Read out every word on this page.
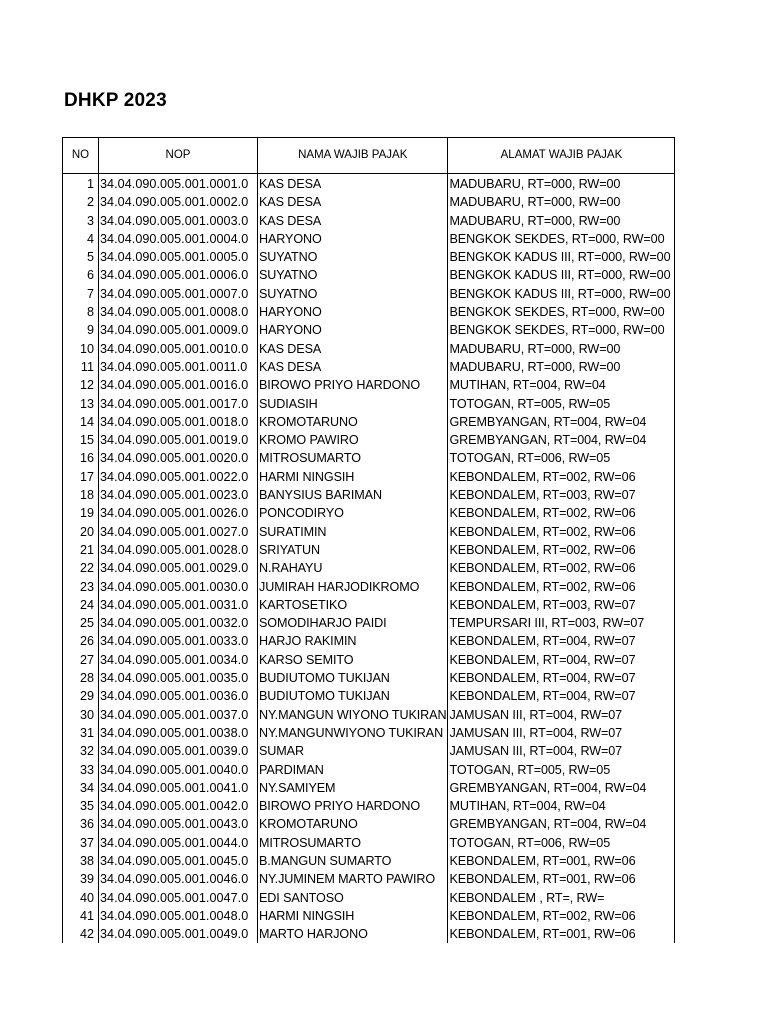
DHKP 2023
NO	NOP	NAMA WAJIB PAJAK	ALAMAT WAJIB PAJAK
1	34.04.090.005.001.0001.0	KAS DESA	MADUBARU, RT=000, RW=00
2	34.04.090.005.001.0002.0	KAS DESA	MADUBARU, RT=000, RW=00
3	34.04.090.005.001.0003.0	KAS DESA	MADUBARU, RT=000, RW=00
4	34.04.090.005.001.0004.0	HARYONO	BENGKOK SEKDES, RT=000, RW=00
5	34.04.090.005.001.0005.0	SUYATNO	BENGKOK KADUS III, RT=000, RW=00
6	34.04.090.005.001.0006.0	SUYATNO	BENGKOK KADUS III, RT=000, RW=00
7	34.04.090.005.001.0007.0	SUYATNO	BENGKOK KADUS III, RT=000, RW=00
8	34.04.090.005.001.0008.0	HARYONO	BENGKOK SEKDES, RT=000, RW=00
9	34.04.090.005.001.0009.0	HARYONO	BENGKOK SEKDES, RT=000, RW=00
10	34.04.090.005.001.0010.0	KAS DESA	MADUBARU, RT=000, RW=00
11	34.04.090.005.001.0011.0	KAS DESA	MADUBARU, RT=000, RW=00
12	34.04.090.005.001.0016.0	BIROWO PRIYO HARDONO	MUTIHAN, RT=004, RW=04
13	34.04.090.005.001.0017.0	SUDIASIH	TOTOGAN, RT=005, RW=05
14	34.04.090.005.001.0018.0	KROMOTARUNO	GREMBYANGAN, RT=004, RW=04
15	34.04.090.005.001.0019.0	KROMO PAWIRO	GREMBYANGAN, RT=004, RW=04
16	34.04.090.005.001.0020.0	MITROSUMARTO	TOTOGAN, RT=006, RW=05
17	34.04.090.005.001.0022.0	HARMI NINGSIH	KEBONDALEM, RT=002, RW=06
18	34.04.090.005.001.0023.0	BANYSIUS BARIMAN	KEBONDALEM, RT=003, RW=07
19	34.04.090.005.001.0026.0	PONCODIRYO	KEBONDALEM, RT=002, RW=06
20	34.04.090.005.001.0027.0	SURATIMIN	KEBONDALEM, RT=002, RW=06
21	34.04.090.005.001.0028.0	SRIYATUN	KEBONDALEM, RT=002, RW=06
22	34.04.090.005.001.0029.0	N.RAHAYU	KEBONDALEM, RT=002, RW=06
23	34.04.090.005.001.0030.0	JUMIRAH HARJODIKROMO	KEBONDALEM, RT=002, RW=06
24	34.04.090.005.001.0031.0	KARTOSETIKO	KEBONDALEM, RT=003, RW=07
25	34.04.090.005.001.0032.0	SOMODIHARJO PAIDI	TEMPURSARI III, RT=003, RW=07
26	34.04.090.005.001.0033.0	HARJO RAKIMIN	KEBONDALEM, RT=004, RW=07
27	34.04.090.005.001.0034.0	KARSO SEMITO	KEBONDALEM, RT=004, RW=07
28	34.04.090.005.001.0035.0	BUDIUTOMO TUKIJAN	KEBONDALEM, RT=004, RW=07
29	34.04.090.005.001.0036.0	BUDIUTOMO TUKIJAN	KEBONDALEM, RT=004, RW=07
30	34.04.090.005.001.0037.0	NY.MANGUN WIYONO TUKIRAN	JAMUSAN III, RT=004, RW=07
31	34.04.090.005.001.0038.0	NY.MANGUNWIYONO TUKIRAN	JAMUSAN III, RT=004, RW=07
32	34.04.090.005.001.0039.0	SUMAR	JAMUSAN III, RT=004, RW=07
33	34.04.090.005.001.0040.0	PARDIMAN	TOTOGAN, RT=005, RW=05
34	34.04.090.005.001.0041.0	NY.SAMIYEM	GREMBYANGAN, RT=004, RW=04
35	34.04.090.005.001.0042.0	BIROWO PRIYO HARDONO	MUTIHAN, RT=004, RW=04
36	34.04.090.005.001.0043.0	KROMOTARUNO	GREMBYANGAN, RT=004, RW=04
37	34.04.090.005.001.0044.0	MITROSUMARTO	TOTOGAN, RT=006, RW=05
38	34.04.090.005.001.0045.0	B.MANGUN SUMARTO	KEBONDALEM, RT=001, RW=06
39	34.04.090.005.001.0046.0	NY.JUMINEM MARTO PAWIRO	KEBONDALEM, RT=001, RW=06
40	34.04.090.005.001.0047.0	EDI SANTOSO	KEBONDALEM , RT=, RW=
41	34.04.090.005.001.0048.0	HARMI NINGSIH	KEBONDALEM, RT=002, RW=06
42	34.04.090.005.001.0049.0	MARTO HARJONO	KEBONDALEM, RT=001, RW=06
